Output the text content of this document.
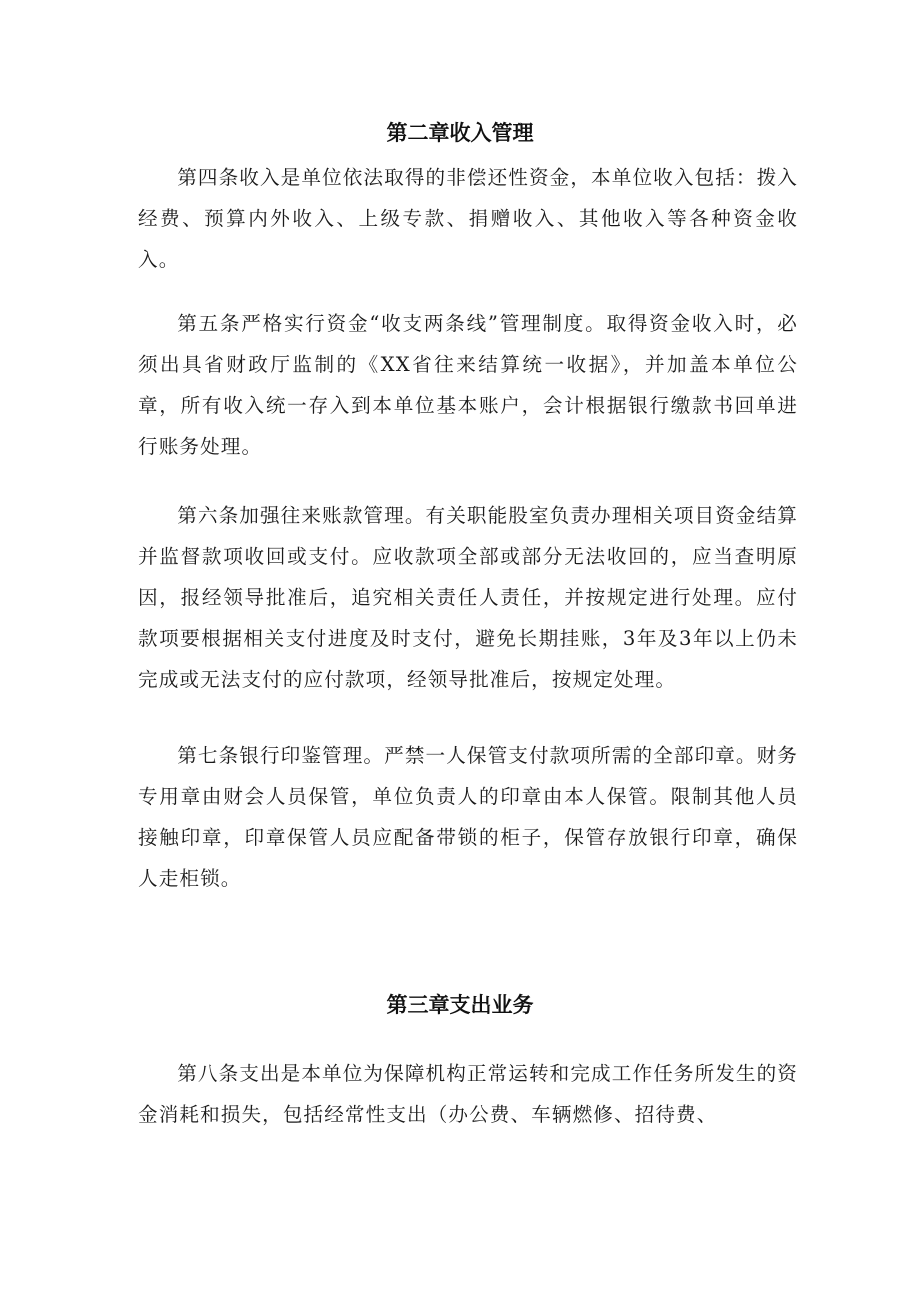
第二章收入管理

第四条收入是单位依法取得的非偿还性资金，本单位收入包括：拨入经费、预算内外收入、上级专款、捐赠收入、其他收入等各种资金收入。

第五条严格实行资金“收支两条线”管理制度。取得资金收入时，必须出具省财政厅监制的《XX省往来结算统一收据》，并加盖本单位公章，所有收入统一存入到本单位基本账户，会计根据银行缴款书回单进行账务处理。

第六条加强往来账款管理。有关职能股室负责办理相关项目资金结算并监督款项收回或支付。应收款项全部或部分无法收回的，应当查明原因，报经领导批准后，追究相关责任人责任，并按规定进行处理。应付款项要根据相关支付进度及时支付，避免长期挂账，3年及3年以上仍未完成或无法支付的应付款项，经领导批准后，按规定处理。

第七条银行印鉴管理。严禁一人保管支付款项所需的全部印章。财务专用章由财会人员保管，单位负责人的印章由本人保管。限制其他人员接触印章，印章保管人员应配备带锁的柜子，保管存放银行印章，确保人走柜锁。

第三章支出业务

第八条支出是本单位为保障机构正常运转和完成工作任务所发生的资金消耗和损失，包括经常性支出（办公费、车辆燃修、招待费、
